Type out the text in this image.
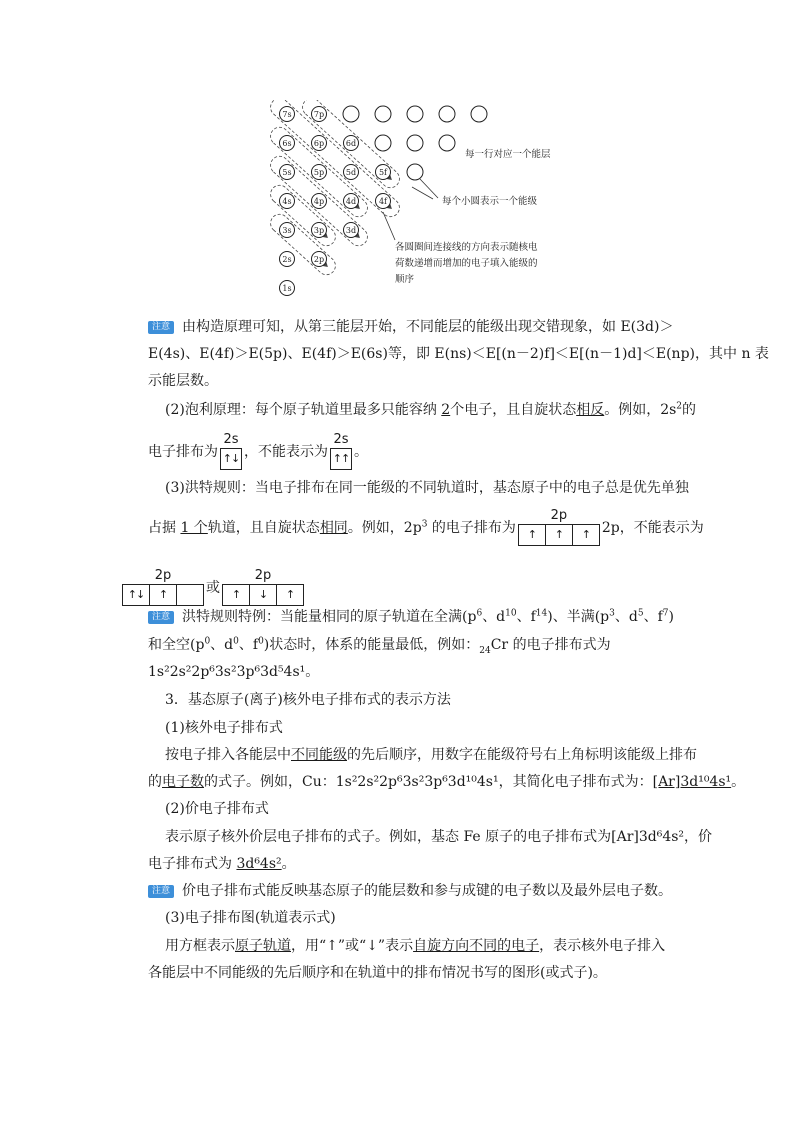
1s
2s	2p
3s	3p	3d
4s	4p	4d	4f
5s	5p	5d	5f
6s	6p	6d
7s	7p
每一行对应一个能层
每个小圆表示一个能级
各圆圈间连接线的方向表示随核电
荷数递增而增加的电子填入能级的
顺序
注意 由构造原理可知，从第三能层开始，不同能层的能级出现交错现象，如 E(3d)＞
E(4s)、E(4f)＞E(5p)、E(4f)＞E(6s)等，即 E(ns)＜E[(n－2)f]＜E[(n－1)d]＜E(np)，其中 n 表
示能层数。
(2)泡利原理：每个原子轨道里最多只能容纳 2个电子，且自旋状态相反。例如，$2s^2$的
电子排布为
2s
↑↓ ，不能表示为
2s
↑↑ 。
(3)洪特规则：当电子排布在同一能级的不同轨道时，基态原子中的电子总是优先单独
占据 1 个轨道，且自旋状态相同。例如，$2p^3$ 的电子排布为
2p
↑	↑	↑ 2p，不能表示为
2p
↑↓	↑	或
2p
↑	↓	↑
注意 洪特规则特例：当能量相同的原子轨道在全满($p^6$、$d^{10}$、$f^{14}$)、半满($p^3$、$d^5$、$f^7$)
和全空($p^0$、$d^0$、$f^0$)状态时，体系的能量最低，例如：$_{24}$Cr 的电子排布式为
1s²2s²2p⁶3s²3p⁶3d⁵4s¹。
3．基态原子(离子)核外电子排布式的表示方法
(1)核外电子排布式
按电子排入各能层中不同能级的先后顺序，用数字在能级符号右上角标明该能级上排布
的电子数的式子。例如，Cu：1s²2s²2p⁶3s²3p⁶3d¹⁰4s¹，其简化电子排布式为：[Ar]3d¹⁰4s¹。
(2)价电子排布式
表示原子核外价层电子排布的式子。例如，基态 Fe 原子的电子排布式为[Ar]3d⁶4s²，价
电子排布式为 3d⁶4s²。
注意 价电子排布式能反映基态原子的能层数和参与成键的电子数以及最外层电子数。
(3)电子排布图(轨道表示式)
用方框表示原子轨道，用“↑”或“↓”表示自旋方向不同的电子，表示核外电子排入
各能层中不同能级的先后顺序和在轨道中的排布情况书写的图形(或式子)。
